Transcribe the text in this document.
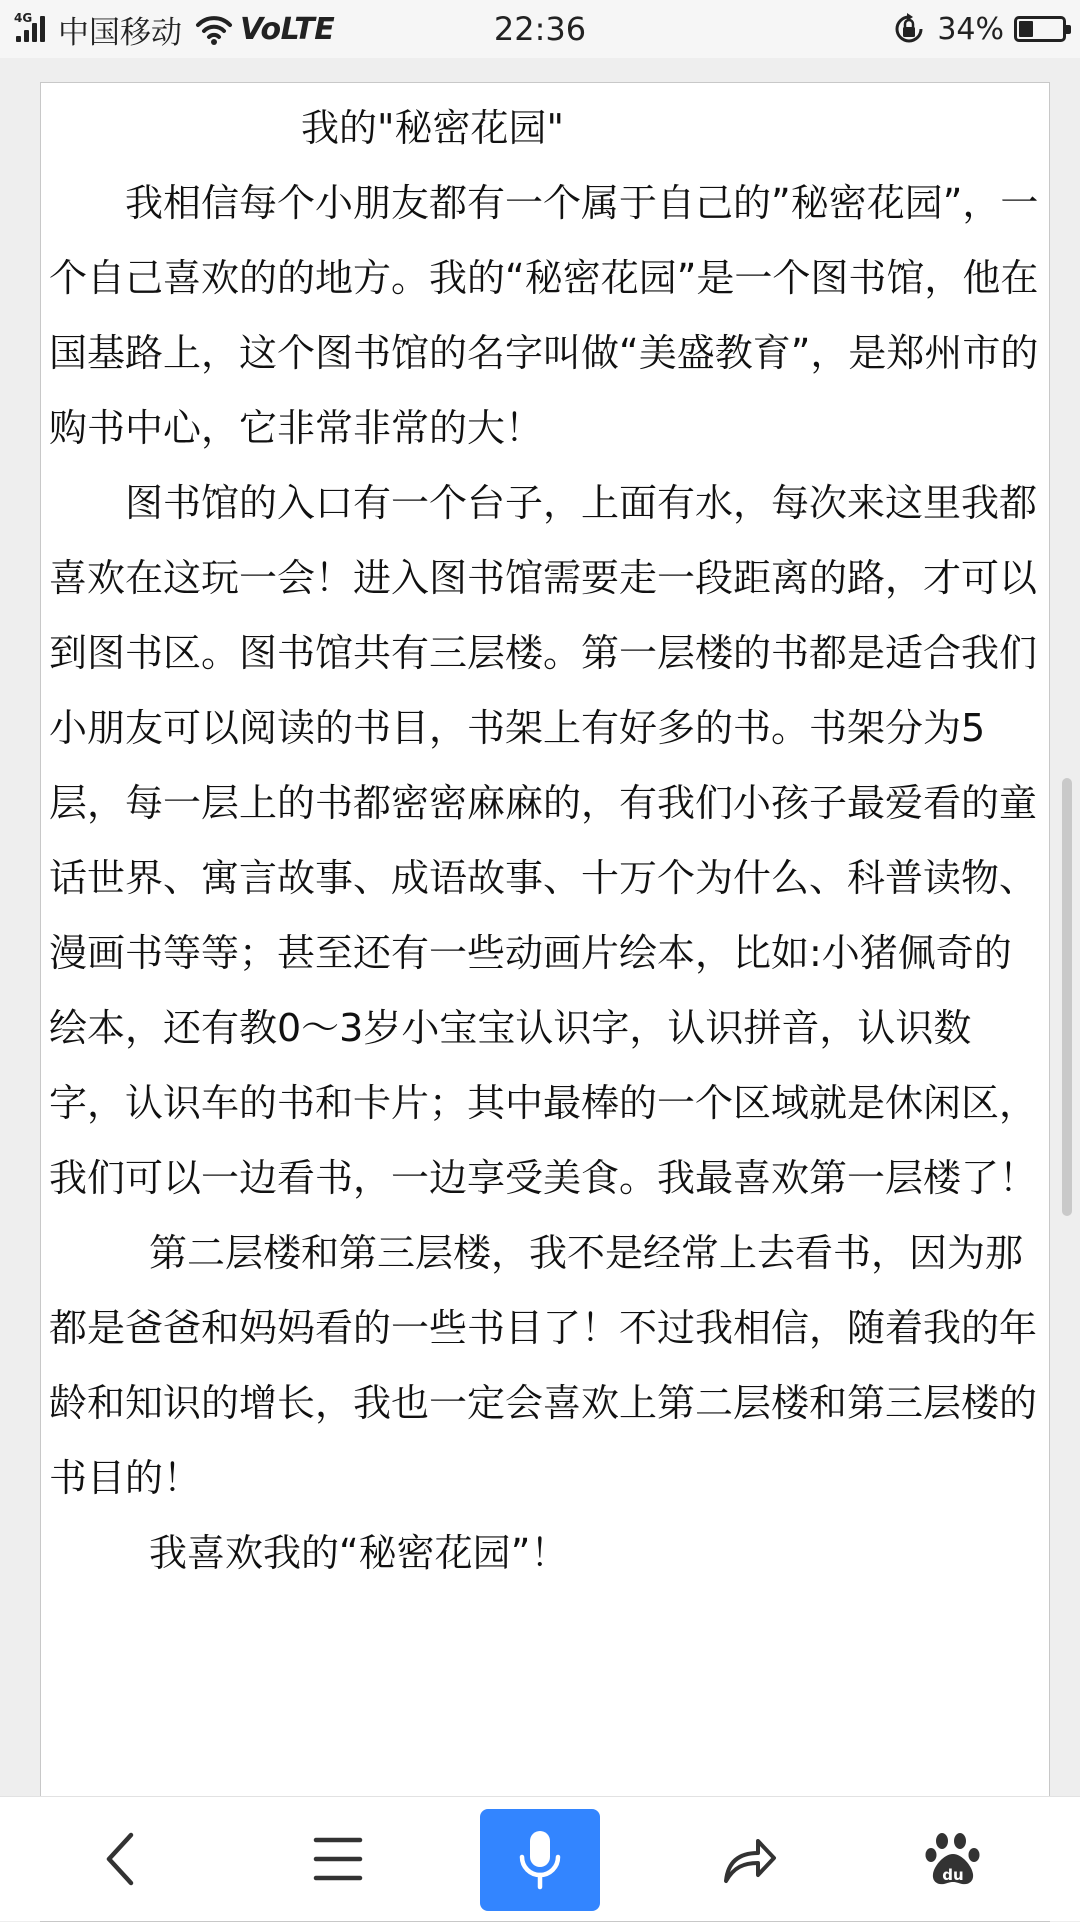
4G 中国移动 VoLTE	22:36	34%
我的"秘密花园"

我相信每个小朋友都有一个属于自己的”秘密花园”，一个自己喜欢的的地方。我的“秘密花园”是一个图书馆，他在国基路上，这个图书馆的名字叫做“美盛教育”，是郑州市的购书中心，它非常非常的大！

图书馆的入口有一个台子，上面有水，每次来这里我都喜欢在这玩一会！进入图书馆需要走一段距离的路，才可以到图书区。图书馆共有三层楼。第一层楼的书都是适合我们小朋友可以阅读的书目，书架上有好多的书。书架分为5层，每一层上的书都密密麻麻的，有我们小孩子最爱看的童话世界、寓言故事、成语故事、十万个为什么、科普读物、漫画书等等；甚至还有一些动画片绘本，比如:小猪佩奇的绘本，还有教0～3岁小宝宝认识字，认识拼音，认识数字，认识车的书和卡片；其中最棒的一个区域就是休闲区，我们可以一边看书，一边享受美食。我最喜欢第一层楼了！

第二层楼和第三层楼，我不是经常上去看书，因为那都是爸爸和妈妈看的一些书目了！不过我相信，随着我的年龄和知识的增长，我也一定会喜欢上第二层楼和第三层楼的书目的！

我喜欢我的“秘密花园”！

du
